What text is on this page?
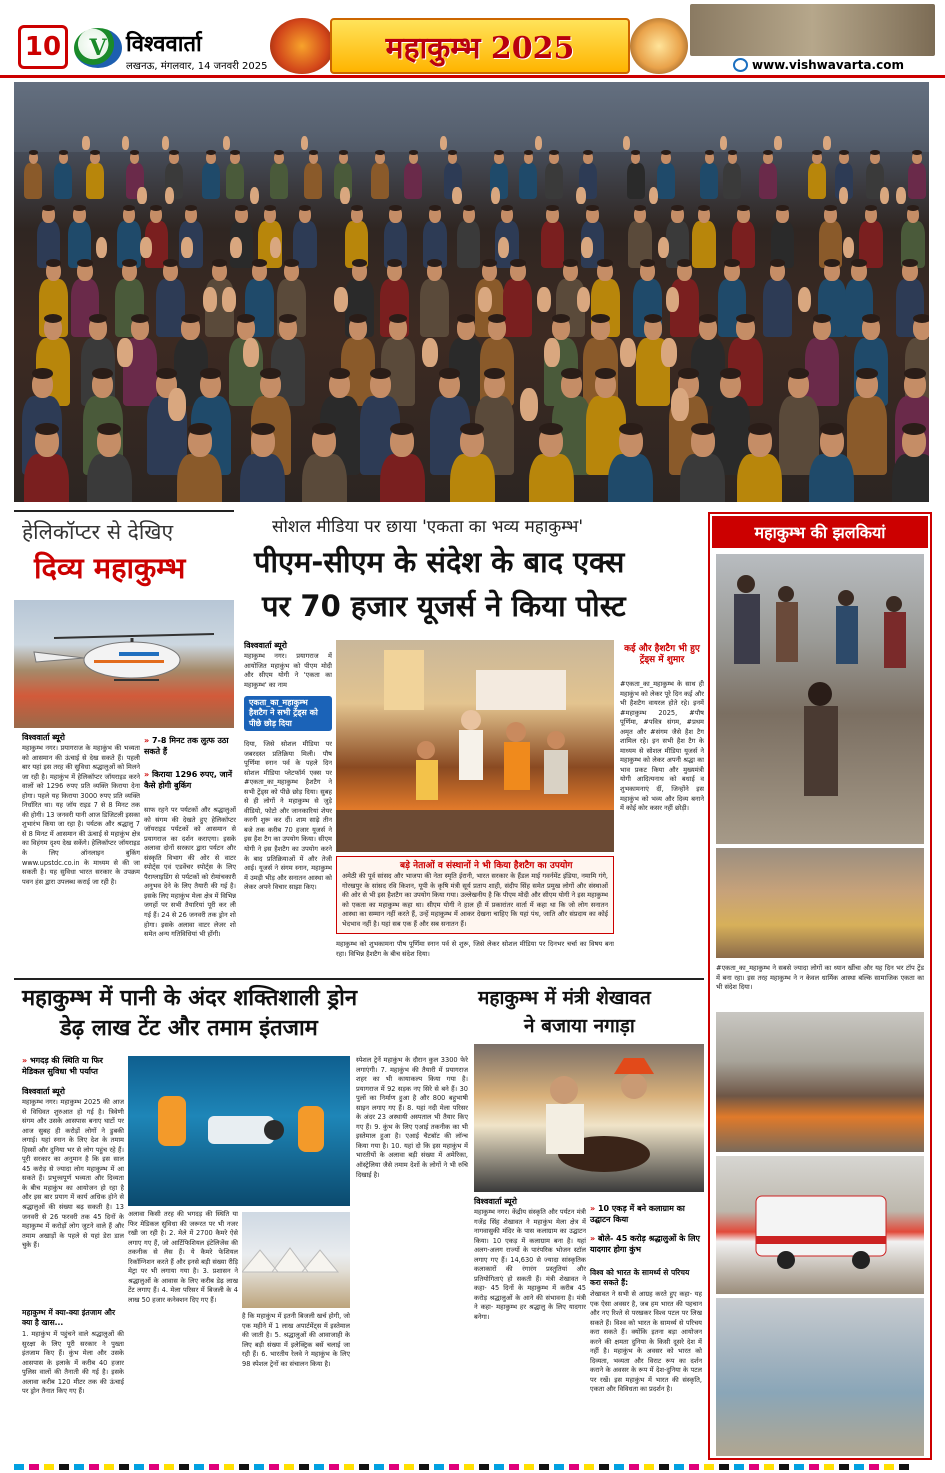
10	V विश्ववार्ता
लखनऊ, मंगलवार, 14 जनवरी 2025
महाकुम्भ 2025	www.vishwavarta.com
हेलिकॉप्टर से देखिए
दिव्य महाकुम्भ
विश्ववार्ता ब्यूरो
महाकुम्भ नगर। प्रयागराज के महाकुंभ की भव्यता को आसमान की ऊंचाई से देख सकते हैं। पहली बार यहां इस तरह की सुविधा श्रद्धालुओं को मिलने जा रही है। महाकुंभ में हेलिकॉप्टर जॉयराइड करने वालों को 1296 रुपए प्रति व्यक्ति किराया देना होगा। पहले यह किराया 3000 रुपए प्रति व्यक्ति निर्धारित था। यह जॉय राइड 7 से 8 मिनट तक की होगी। 13 जनवरी यानी आज डिजिटली इसका शुभारंभ किया जा रहा है। पर्यटक और श्रद्धालु 7 से 8 मिनट में आसमान की ऊंचाई से महाकुंभ क्षेत्र का विहंगम दृश्य देख सकेंगे। हेलिकॉप्टर जॉयराइड के लिए ऑनलाइन बुकिंग www.upstdc.co.in के माध्यम से की जा सकती है। यह सुविधा भारत सरकार के उपक्रम पवन हंस द्वारा उपलब्ध कराई जा रही है।
» 7-8 मिनट तक लुत्फ उठा सकते हैं
» किराया 1296 रुपए, जानें कैसे होगी बुकिंग
साफ रहने पर पर्यटकों और श्रद्धालुओं को संगम की देखते हुए हेलिकॉप्टर जॉयराइड पर्यटकों को आसमान से प्रयागराज का दर्शन कराएगा। इसके अलावा दोनों सरकार द्वारा पर्यटन और संस्कृति विभाग की ओर से वाटर स्पोर्ट्स एवं एडवेंचर स्पोर्ट्स के लिए पैराग्लाइडिंग से पर्यटकों को रोमांचकारी अनुभव देने के लिए तैयारी की गई है। इसके लिए महाकुंभ मेला क्षेत्र में विभिन्न जगहों पर सभी तैयारियां पूरी कर ली गई हैं। 24 से 26 जनवरी तक ड्रोन शो होगा। इसके अलावा वाटर लेजर शो समेत अन्य गतिविधियां भी होंगी।
सोशल मीडिया पर छाया 'एकता का भव्य महाकुम्भ'
पीएम-सीएम के संदेश के बाद एक्स
पर 70 हजार यूजर्स ने किया पोस्ट
विश्ववार्ता ब्यूरो
महाकुम्भ नगर। प्रयागराज में आयोजित महाकुंभ को पीएम मोदी और सीएम योगी ने 'एकता का महाकुम्भ' का नाम
एकता_का_महाकुम्भ हैशटैग ने सभी ट्रेंड्स को पीछे छोड़ दिया
दिया, जिसे सोशल मीडिया पर जबरदस्त प्रतिक्रिया मिली। पौष पूर्णिमा स्नान पर्व के पहले दिन सोशल मीडिया प्लेटफॉर्म एक्स पर #एकता_का_महाकुम्भ हैशटैग ने सभी ट्रेंड्स को पीछे छोड़ दिया। सुबह से ही लोगों ने महाकुम्भ से जुड़े वीडियो, फोटो और जानकारियां शेयर करनी शुरू कर दीं। शाम साढ़े तीन बजे तक करीब 70 हजार यूजर्स ने इस हैश टैग का उपयोग किया। सीएम योगी ने इस हैशटैग का उपयोग करने के बाद प्रतिक्रियाओं में और तेजी आई। यूजर्स ने संगम स्नान, महाकुम्भ में उमड़ी भीड़ और सनातन आस्था को लेकर अपने विचार साझा किए।
बड़े नेताओं व संस्थानों ने भी किया हैशटैग का उपयोग
अमेठी की पूर्व सांसद और भाजपा की नेता स्मृति ईरानी, भारत सरकार के हैंडल माई गवर्नमेंट इंडिया, नमामि गंगे, गोरखपुर के सांसद रवि किशन, यूपी के कृषि मंत्री सूर्य प्रताप शाही, संदीप सिंह समेत प्रमुख लोगों और संस्थाओं की ओर से भी इस हैशटैग का उपयोग किया गया। उल्लेखनीय है कि पीएम मोदी और सीएम योगी ने इस महाकुम्भ को एकता का महाकुम्भ कहा था। सीएम योगी ने हाल ही में प्रकारांतर वार्ता में कहा था कि जो लोग सनातन आस्था का सम्मान नहीं करते हैं, उन्हें महाकुम्भ में आकर देखना चाहिए कि यहां पंथ, जाति और संप्रदाय का कोई भेदभाव नहीं है। यहां सब एक हैं और सब सनातन हैं।
महाकुम्भ को शुभकामना पौष पूर्णिमा स्नान पर्व से शुरू, जिसे लेकर सोशल मीडिया पर दिनभर चर्चा का विषय बना रहा। विभिन्न हैशटैग के बीच संदेश दिया।
कई और हैशटैग भी हुए ट्रेंड्स में शुमार
#एकता_का_महाकुम्भ के साथ ही महाकुंभ को लेकर पूरे दिन कई और भी हैशटैग वायरल होते रहे। इनमें #महाकुम्भ 2025, #पौष पूर्णिमा, #पवित्र संगम, #प्रथम अमृत और #संगम जैसे हैश टैग शामिल रहे। इन सभी हैश टैग के माध्यम से सोशल मीडिया यूजर्स ने महाकुम्भ को लेकर अपनी श्रद्धा का भाव प्रकट किया और मुख्यमंत्री योगी आदित्यनाथ को बधाई व शुभकामनाएं दीं, जिन्होंने इस महाकुंभ को भव्य और दिव्य बनाने में कोई कोर कसर नहीं छोड़ी।
महाकुम्भ की झलकियां
#एकता_का_महाकुम्भ ने सबसे ज्यादा लोगों का ध्यान खींचा और यह दिन भर टॉप ट्रेंड में बना रहा। इस तरह महाकुम्भ ने न केवल धार्मिक आस्था बल्कि सामाजिक एकता का भी संदेश दिया।
महाकुम्भ में पानी के अंदर शक्तिशाली ड्रोन
डेढ़ लाख टेंट और तमाम इंतजाम
» भगदड़ की स्थिति या फिर मेडिकल सुविधा भी पर्याप्त
विश्ववार्ता ब्यूरो
महाकुम्भ नगर। महाकुम्भ 2025 की आज से विधिवत शुरुआत हो गई है। त्रिवेणी संगम और उसके आसपास बनाए घाटों पर आज सुबह ही करोड़ों लोगों ने डुबकी लगाई। यहां स्नान के लिए देश के तमाम हिस्सों और दुनिया भर से लोग पहुंच रहे हैं। पूरी सरकार का अनुमान है कि इस साल 45 करोड़ से ज्यादा लोग महाकुम्भ में आ सकते हैं। प्रभुत्त्वपूर्ण भव्यता और दिव्यता के बीच महाकुंभ का आयोजन हो रहा है और इस बार प्रयाग में कार्य अधिक होने से श्रद्धालुओं की संख्या बढ़ सकती है। 13 जनवरी से 26 फरवरी तक 45 दिनों के महाकुम्भ में करोड़ों लोग जुटने वाले हैं और तमाम अखाड़ों के पहले से यहां डेरा डाल चुके हैं।
महाकुम्भ में क्या-क्या इंतजाम और क्या है खास...
1. महाकुंभ में पहुंचने वाले श्रद्धालुओं की सुरक्षा के लिए पूरी सरकार ने पुख्ता इंतजाम किए हैं। कुंभ मेला और उसके आसपास के इलाके में करीब 40 हजार पुलिस वालों की तैनाती की गई है। इसके अलावा करीब 120 मीटर तक की ऊंचाई पर ड्रोन तैनात किए गए हैं।
अलावा किसी तरह की भगदड़ की स्थिति या फिर मेडिकल सुविधा की जरूरत पर भी नजर रखी जा रही है। 2. मेले में 2700 कैमरे ऐसे लगाए गए हैं, जो आर्टिफिशियल इंटेलिजेंस की तकनीक से लैस हैं। ये कैमरे फेशियल रिकॉग्निशन करते हैं और इनसे बड़ी संख्या रीड़ि मेट्रा पर भी लगाया गया है। 3. प्रशासन ने श्रद्धालुओं के आवास के लिए करीब डेढ़ लाख टेंट लगाए हैं। 4. मेला परिसर में बिजली के 4 लाख 50 हजार कनेक्शन दिए गए हैं।
है कि महाकुंभ में इतनी बिजली खर्च होगी, जो एक महीने में 1 लाख अपार्टमेंट्स में इस्तेमाल की जाती है। 5. श्रद्धालुओं की आवाजाही के लिए बड़ी संख्या में इलेक्ट्रिक बसें चलाई जा रही हैं। 6. भारतीय रेलवे ने महाकुंभ के लिए 98 स्पेशल ट्रेनों का संचालन किया है।
स्पेशल ट्रेनें महाकुंभ के दौरान कुल 3300 फेरे लगाएंगी। 7. महाकुंभ की तैयारी में प्रयागराज शहर का भी कायाकल्प किया गया है। प्रयागराज में 92 सड़क नए सिरे से बने हैं। 30 पुलों का निर्माण हुआ है और 800 बहुभाषी साइन लगाए गए हैं। 8. यहां नदी मेला परिसर के अंदर 23 अस्थायी अस्पताल भी तैयार किए गए हैं। 9. कुंभ के लिए एआई तकनीक का भी इस्तेमाल हुआ है। एआई चैटबॉट की लॉन्च किया गया है। 10. यहां दो कि इस महाकुंभ में भारतीयों के अलावा बड़ी संख्या में अमेरिका, ऑस्ट्रेलिया जैसे तमाम देशों के लोगों ने भी रुचि दिखाई है।
महाकुम्भ में मंत्री शेखावत
ने बजाया नगाड़ा
विश्ववार्ता ब्यूरो
महाकुम्भ नगर। केंद्रीय संस्कृति और पर्यटन मंत्री गजेंद्र सिंह शेखावत ने महाकुंभ मेला क्षेत्र में नागवासुकी मंदिर के पास कलाग्राम का उद्घाटन किया। 10 एकड़ में कलाग्राम बना है। यहां अलग-अलग राज्यों के पारंपरिक भोजन स्टॉल लगाए गए हैं। 14,630 से ज्यादा सांस्कृतिक कलाकारों की रंगारंग प्रस्तुतियां और प्रतियोगिताएं हो सकती हैं। मंत्री शेखावत ने कहा- 45 दिनों के महाकुम्भ में करीब 45 करोड़ श्रद्धालुओं के आने की संभावना है। मंत्री ने कहा- महाकुम्भ हर श्रद्धालु के लिए यादगार बनेगा।
» 10 एकड़ में बने कलाग्राम का उद्घाटन किया
» बोले- 45 करोड़ श्रद्धालुओं के लिए यादगार होगा कुंभ
विश्व को भारत के सामर्थ्य से परिचय करा सकते हैं:
शेखावत ने सभी से आग्रह करते हुए कहा- यह एक ऐसा अवसर है, जब हम भारत की पहचान और नए रिश्ते से परखकर विश्व पटल पर लिख सकते हैं। विश्व को भारत के सामर्थ्य से परिचय करा सकते हैं। क्योंकि इतना बड़ा आयोजन करने की क्षमता दुनिया के किसी दूसरे देश में नहीं है। महाकुंभ के अवसर को भारत को दिव्यता, भव्यता और विराट रूप का दर्शन कराने के अवसर के रूप में देश-दुनिया के पटल पर रखें। इस महाकुंभ में भारत की संस्कृति, एकता और विविधता का प्रदर्शन है।
